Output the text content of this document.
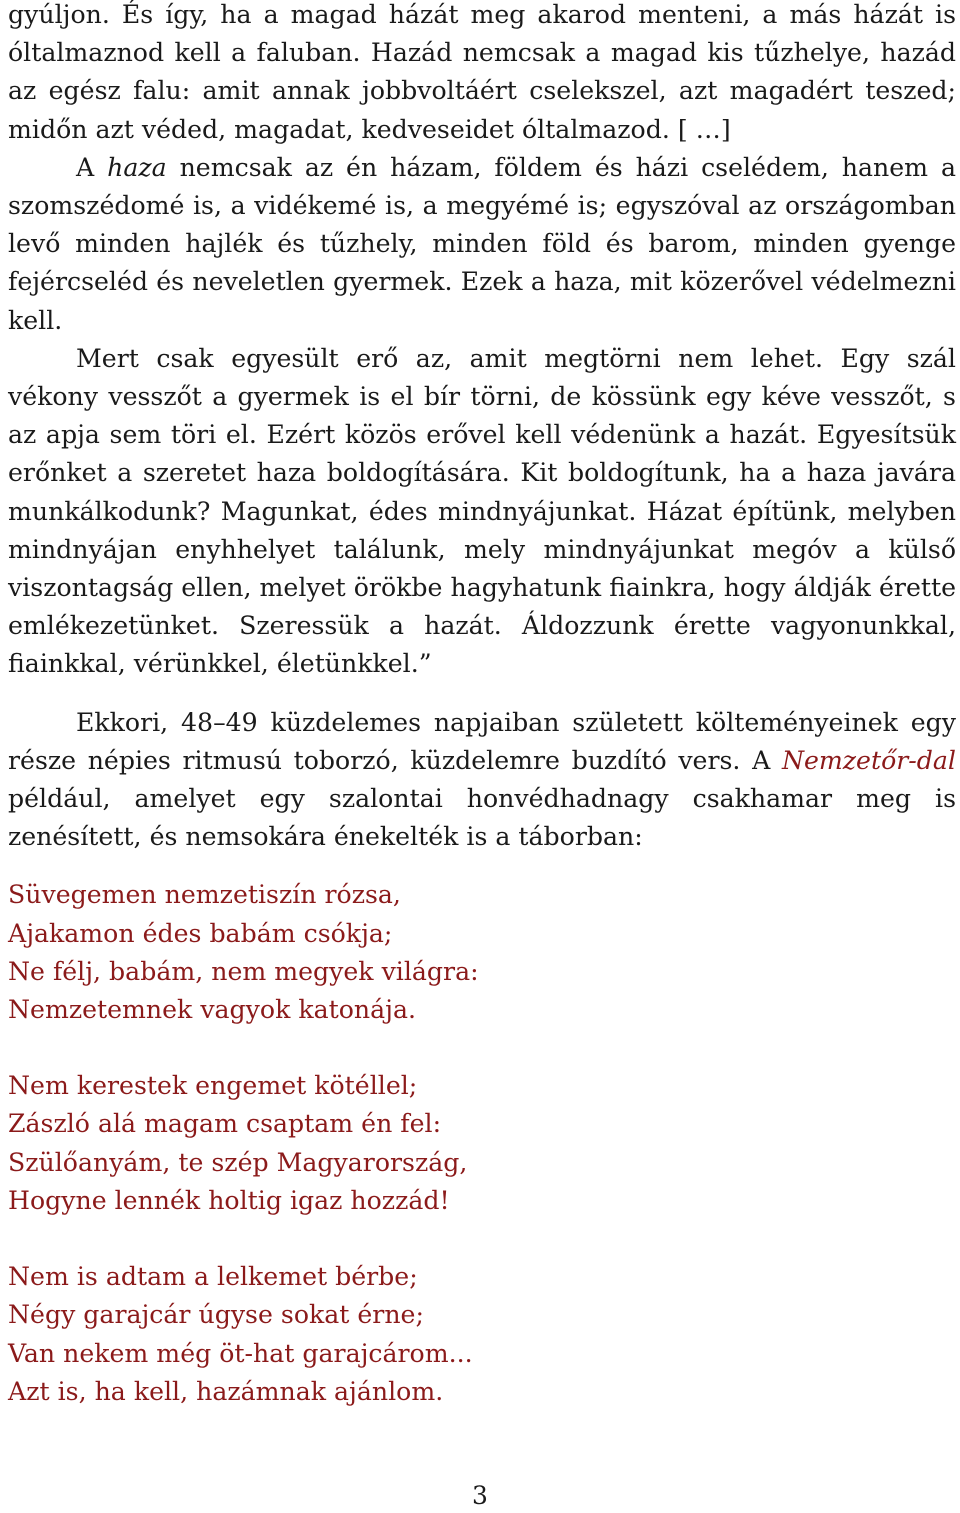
gyúljon. És így, ha a magad házát meg akarod menteni, a más házát is óltalmaznod kell a faluban. Hazád nemcsak a magad kis tűzhelye, hazád az egész falu: amit annak jobbvoltáért cselekszel, azt magadért teszed; midőn azt véded, magadat, kedveseidet óltalmazod. [ …]

A haza nemcsak az én házam, földem és házi cselédem, hanem a szomszédomé is, a vidékemé is, a megyémé is; egyszóval az országomban levő minden hajlék és tűzhely, minden föld és barom, minden gyenge fejércseléd és neveletlen gyermek. Ezek a haza, mit közerővel védelmezni kell.

Mert csak egyesült erő az, amit megtörni nem lehet. Egy szál vékony vesszőt a gyermek is el bír törni, de kössünk egy kéve vesszőt, s az apja sem töri el. Ezért közös erővel kell védenünk a hazát. Egyesítsük erőnket a szeretet haza boldogítására. Kit boldogítunk, ha a haza javára munkálkodunk? Magunkat, édes mindnyájunkat. Házat építünk, melyben mindnyájan enyhhelyet találunk, mely mindnyájunkat megóv a külső viszontagság ellen, melyet örökbe hagyhatunk fiainkra, hogy áldják érette emlékezetünket. Szeressük a hazát. Áldozzunk érette vagyonunkkal, fiainkkal, vérünkkel, életünkkel.”

Ekkori, 48–49 küzdelemes napjaiban született költeményeinek egy része népies ritmusú toborzó, küzdelemre buzdító vers. A Nemzetőr-dal például, amelyet egy szalontai honvédhadnagy csakhamar meg is zenésített, és nemsokára énekelték is a táborban:

Süvegemen nemzetiszín rózsa,
Ajakamon édes babám csókja;
Ne félj, babám, nem megyek világra:
Nemzetemnek vagyok katonája.

Nem kerestek engemet kötéllel;
Zászló alá magam csaptam én fel:
Szülőanyám, te szép Magyarország,
Hogyne lennék holtig igaz hozzád!

Nem is adtam a lelkemet bérbe;
Négy garajcár úgyse sokat érne;
Van nekem még öt-hat garajcárom...
Azt is, ha kell, hazámnak ajánlom.

3
